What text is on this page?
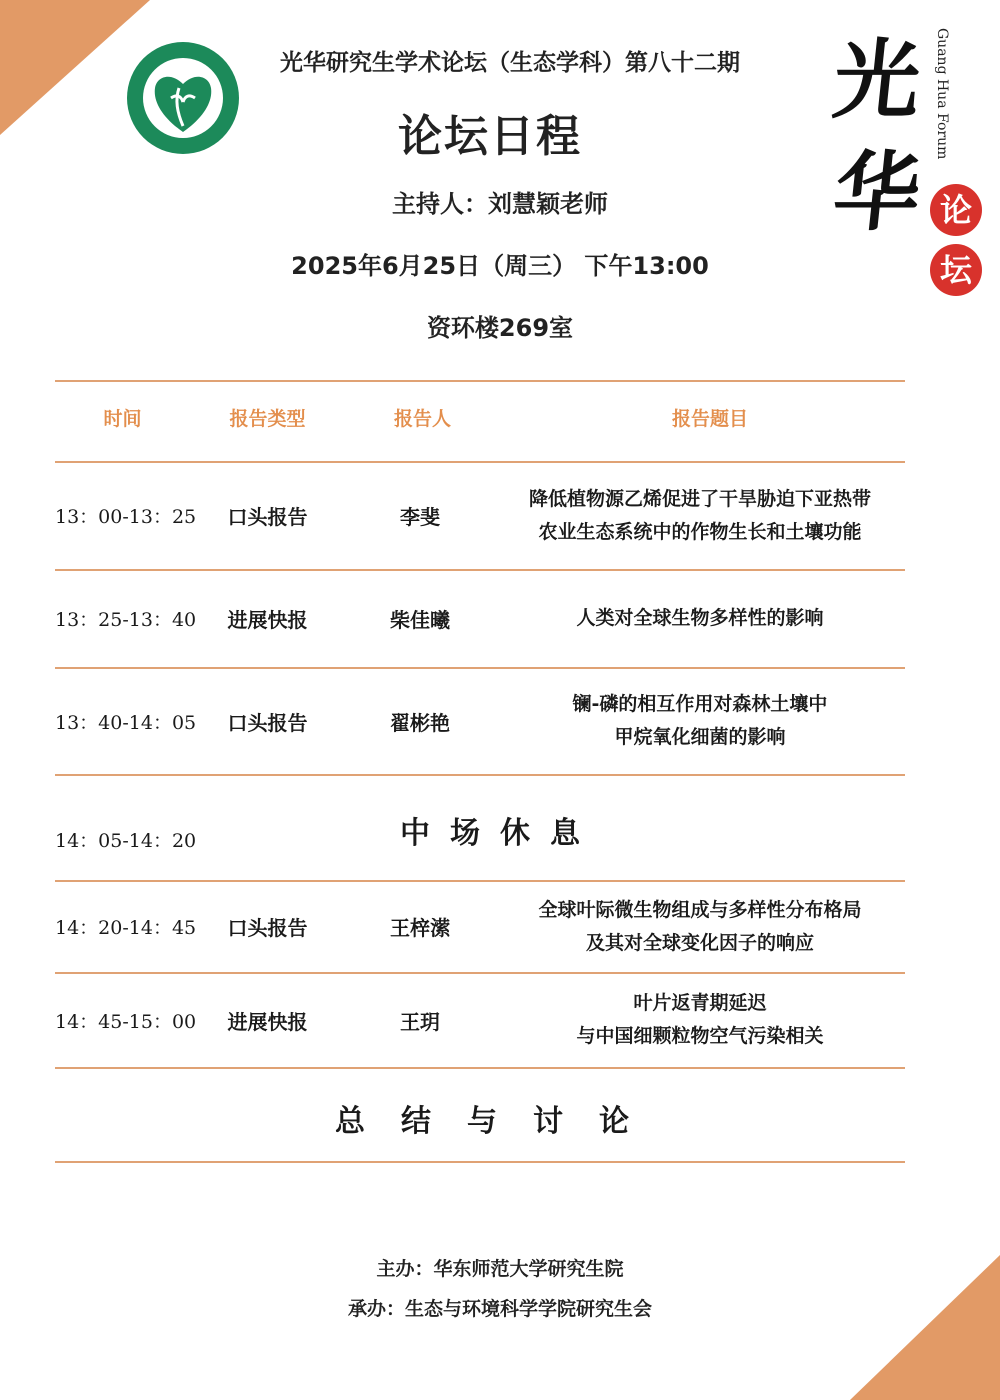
光华研究生学术论坛（生态学科）第八十二期
论坛日程
主持人：刘慧颖老师
2025年6月25日（周三） 下午13:00
资环楼269室
Guang Hua Forum
光
华 论
坛
时间	报告类型	报告人	报告题目
13：00-13：25	口头报告	李斐
降低植物源乙烯促进了干旱胁迫下亚热带
农业生态系统中的作物生长和土壤功能
13：25-13：40	进展快报	柴佳曦	人类对全球生物多样性的影响
13：40-14：05	口头报告	翟彬艳
镧-磷的相互作用对森林土壤中
甲烷氧化细菌的影响
14：05-14：20	中场休息
14：20-14：45	口头报告	王梓潆
全球叶际微生物组成与多样性分布格局
及其对全球变化因子的响应
14：45-15：00	进展快报	王玥
叶片返青期延迟
与中国细颗粒物空气污染相关
总结与讨论
主办：华东师范大学研究生院
承办：生态与环境科学学院研究生会
